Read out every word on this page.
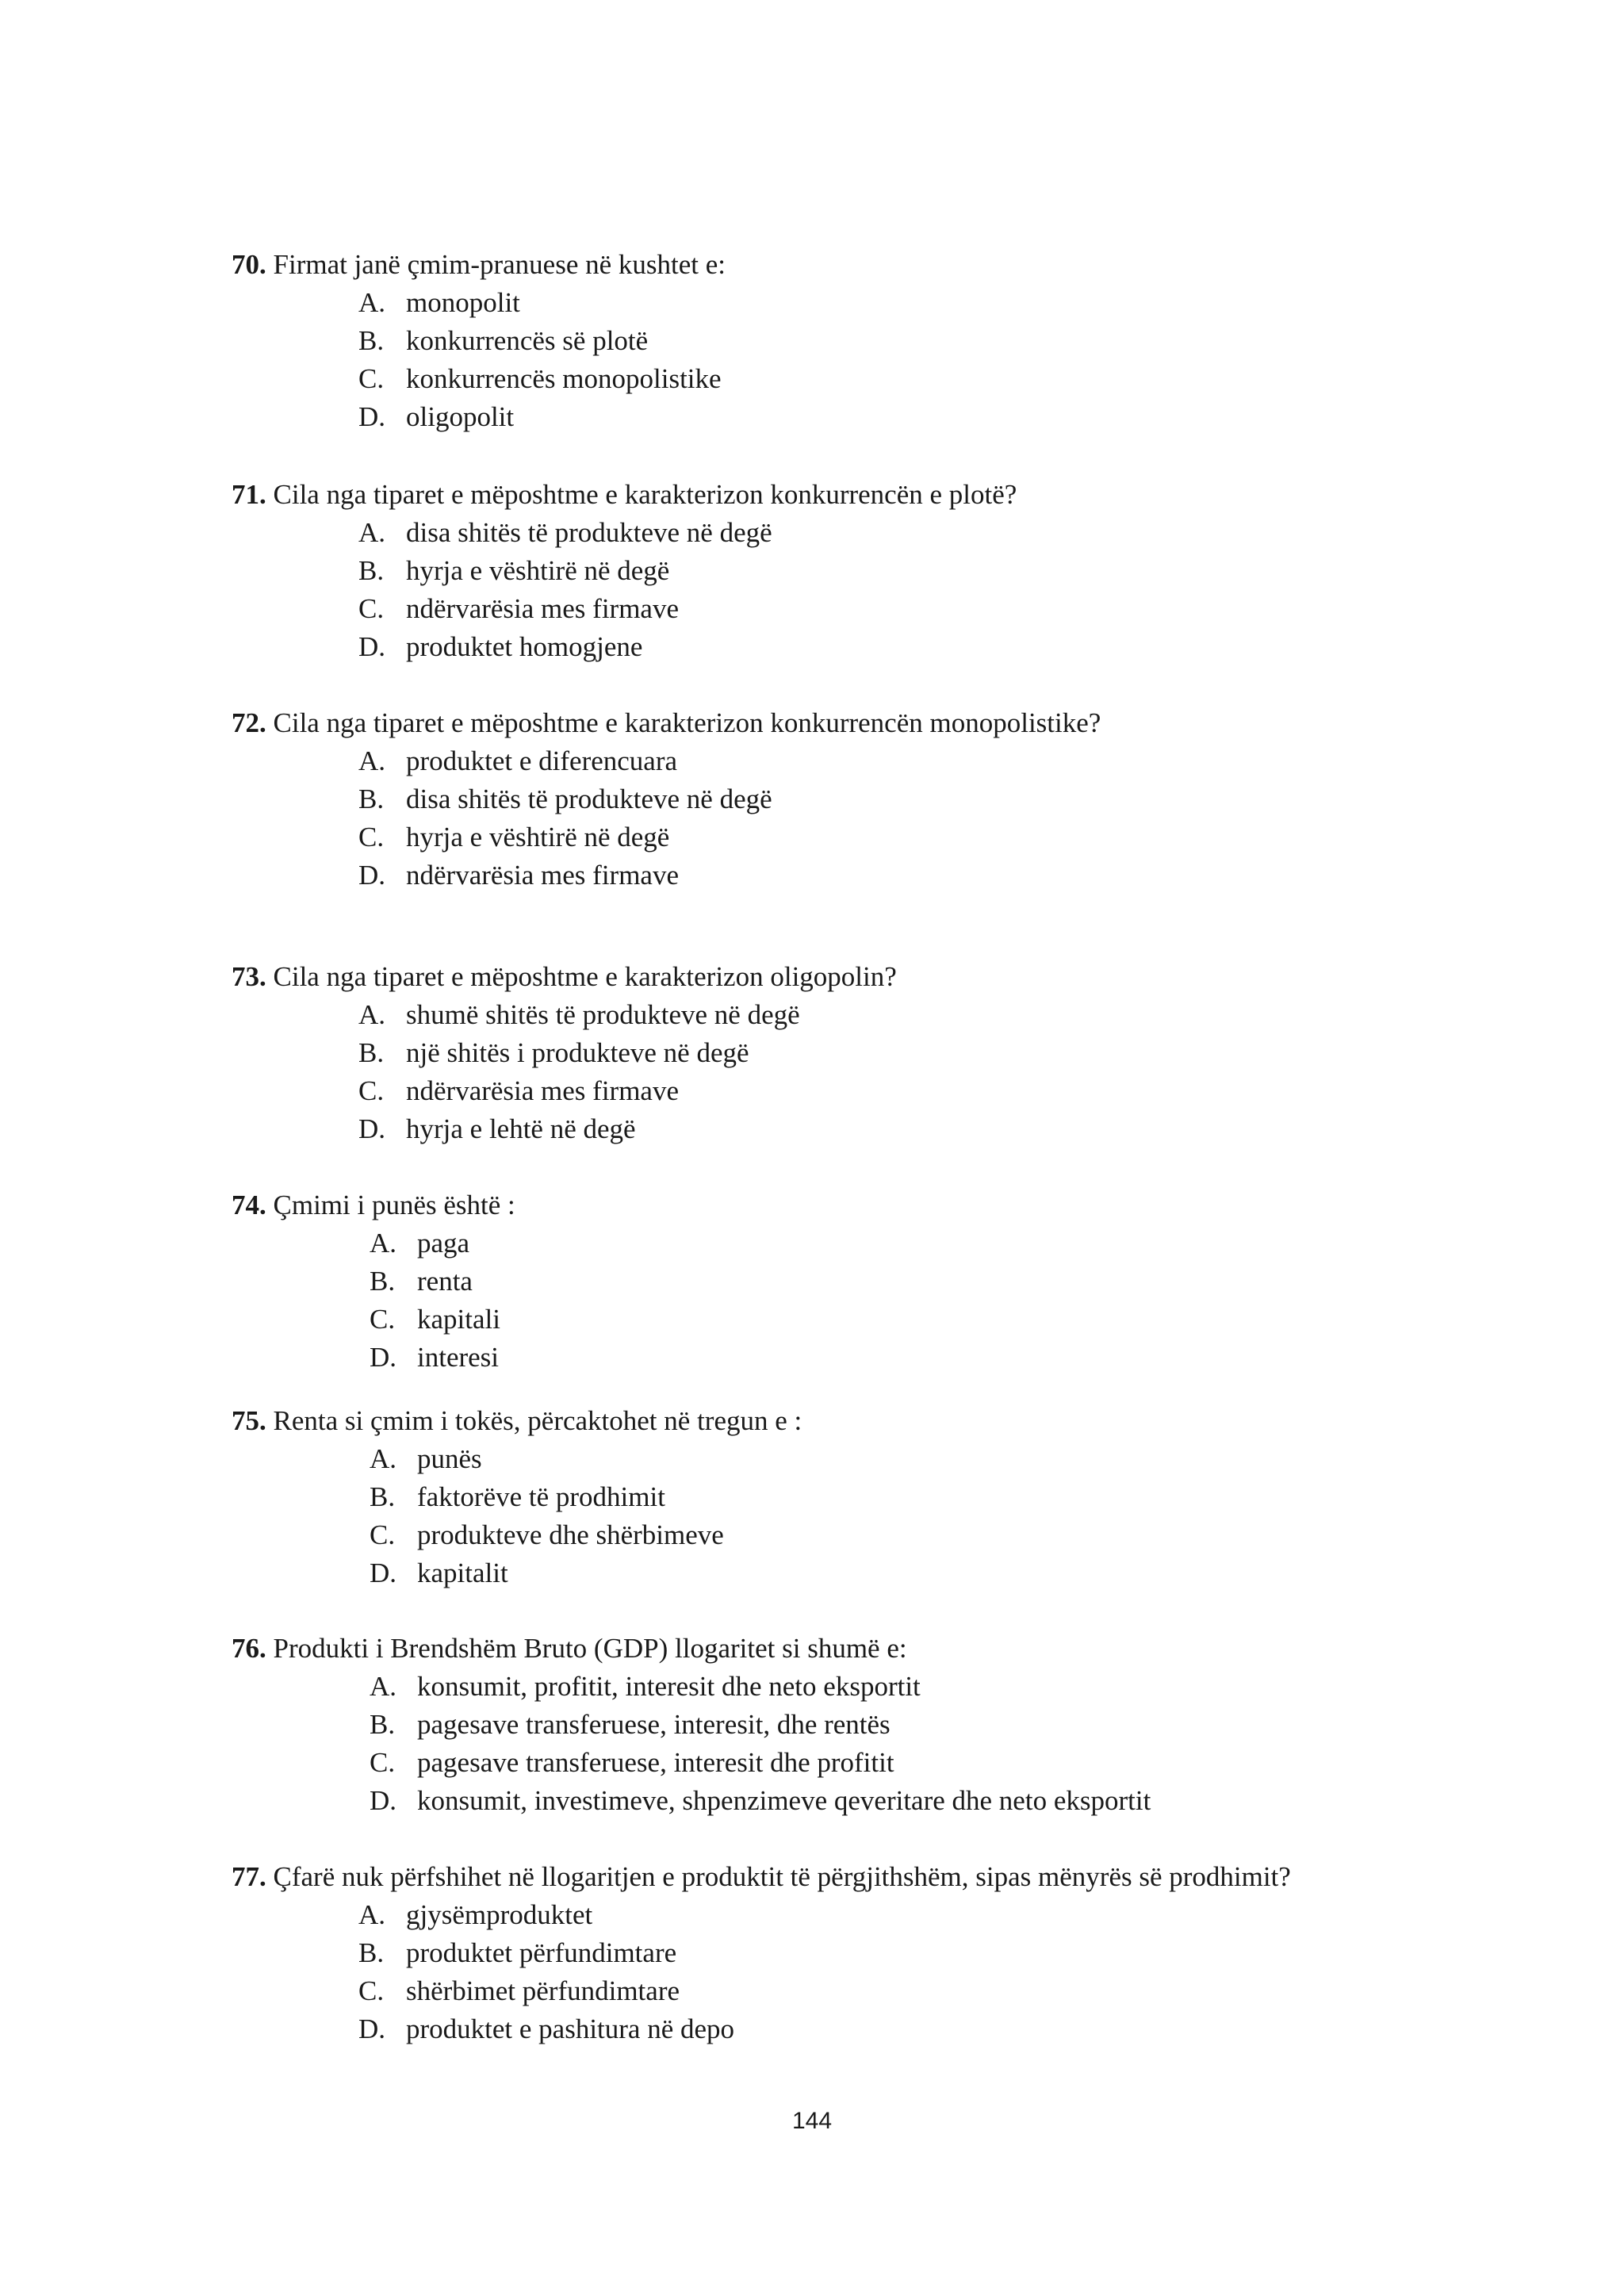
70. Firmat janë çmim-pranuese në kushtet e:
A. monopolit
B. konkurrencës së plotë
C. konkurrencës monopolistike
D. oligopolit
71. Cila nga tiparet e mëposhtme e karakterizon konkurrencën e plotë?
A. disa shitës të produkteve në degë
B. hyrja e vështirë në degë
C. ndërvarësia mes firmave
D. produktet homogjene
72. Cila nga tiparet e mëposhtme e karakterizon konkurrencën monopolistike?
A. produktet e diferencuara
B. disa shitës të produkteve në degë
C. hyrja e vështirë në degë
D. ndërvarësia mes firmave
73. Cila nga tiparet e mëposhtme e karakterizon oligopolin?
A. shumë shitës të produkteve në degë
B. një shitës i produkteve në degë
C. ndërvarësia mes firmave
D. hyrja e lehtë në degë
74. Çmimi i punës është :
A. paga
B. renta
C. kapitali
D. interesi
75. Renta si çmim i tokës, përcaktohet në tregun e :
A. punës
B. faktorëve të prodhimit
C. produkteve dhe shërbimeve
D. kapitalit
76. Produkti i Brendshëm Bruto (GDP) llogaritet si shumë e:
A. konsumit, profitit, interesit dhe neto eksportit
B. pagesave transferuese, interesit, dhe rentës
C. pagesave transferuese, interesit dhe profitit
D. konsumit, investimeve, shpenzimeve qeveritare dhe neto eksportit
77. Çfarë nuk përfshihet në llogaritjen e produktit të përgjithshëm, sipas mënyrës së prodhimit?
A. gjysëmproduktet
B. produktet përfundimtare
C. shërbimet përfundimtare
D. produktet e pashitura në depo
144
